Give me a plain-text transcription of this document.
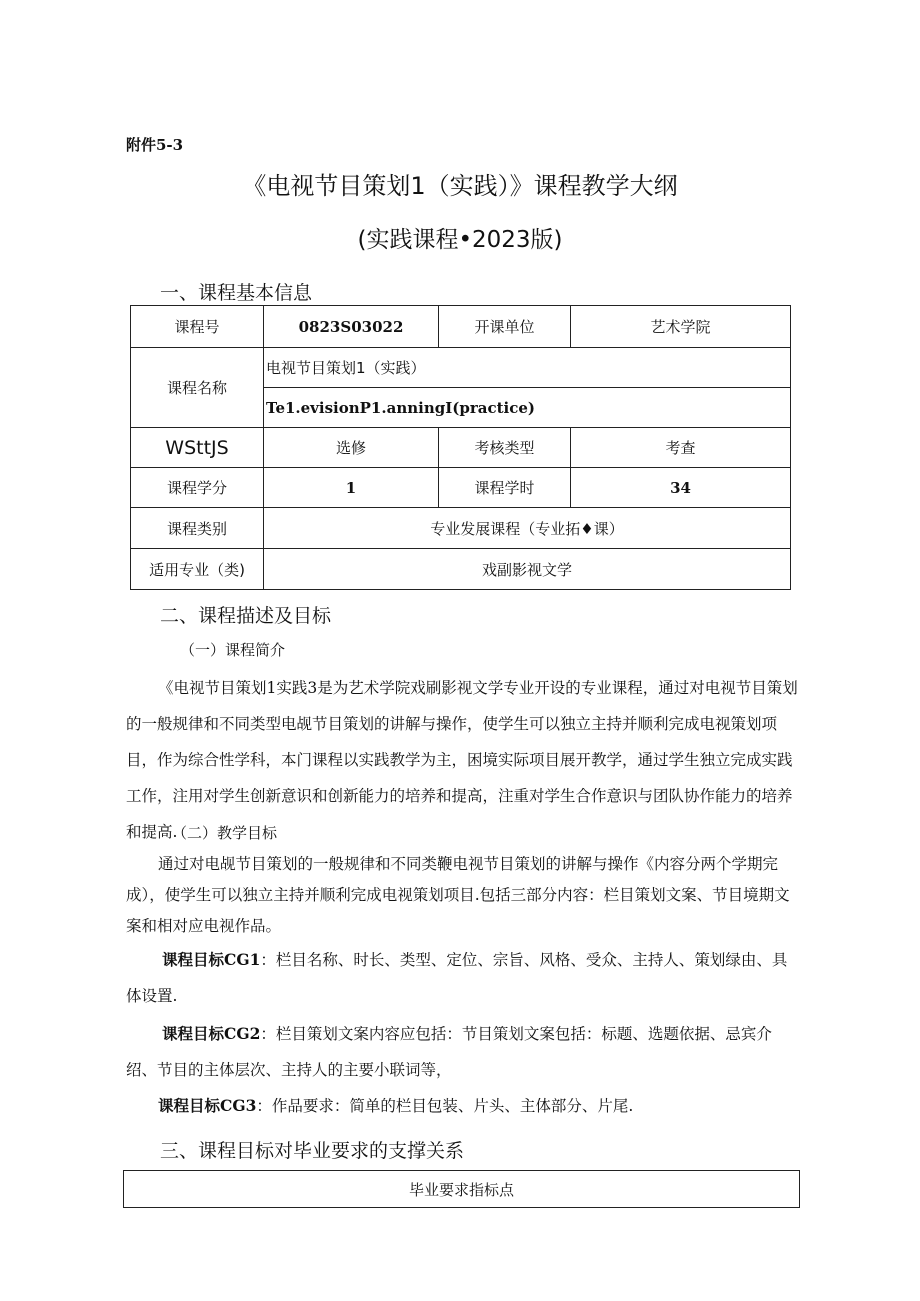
附件5-3
《电视节目策划1（实践）》课程教学大纲
(实践课程•2023版)
一、课程基本信息
课程号	0823S03022	开课单位	艺术学院
课程名称	电视节目策划1（实践）		
	Te1.evisionP1.anningI(practice)		
WSttJS	选修	考核类型	考查
课程学分	1	课程学时	34
课程类别	专业发展课程（专业拓♦课）		
适用专业（类)	戏副影视文学		
二、课程描述及目标
（一）课程简介
《电视节目策划1实践3是为艺术学院戏刷影视文学专业开设的专业课程，通过对电视节目策划的一般规律和不同类型电觇节目策划的讲解与操作，使学生可以独立主持并顺利完成电视策划项目，作为综合性学科，本门课程以实践教学为主，困境实际项目展开教学，通过学生独立完成实践工作，注用对学生创新意识和创新能力的培养和提高，注重对学生合作意识与团队协作能力的培养和提高.
（二）教学目标
通过对电觇节目策划的一般规律和不同类鞭电视节目策划的讲解与操作《内容分两个学期完成），使学生可以独立主持并顺利完成电视策划项目.包括三部分内容：栏目策划文案、节目境期文案和相对应电视作品。
课程目标CG1：栏目名称、时长、类型、定位、宗旨、风格、受众、主持人、策划绿由、具体设置.
课程目标CG2：栏目策划文案内容应包括：节目策划文案包括：标题、选题依据、忌宾介绍、节目的主体层次、主持人的主要小联词等，
课程目标CG3：作品要求：简单的栏目包装、片头、主体部分、片尾.
三、课程目标对毕业要求的支撑关系
毕业要求指标点
